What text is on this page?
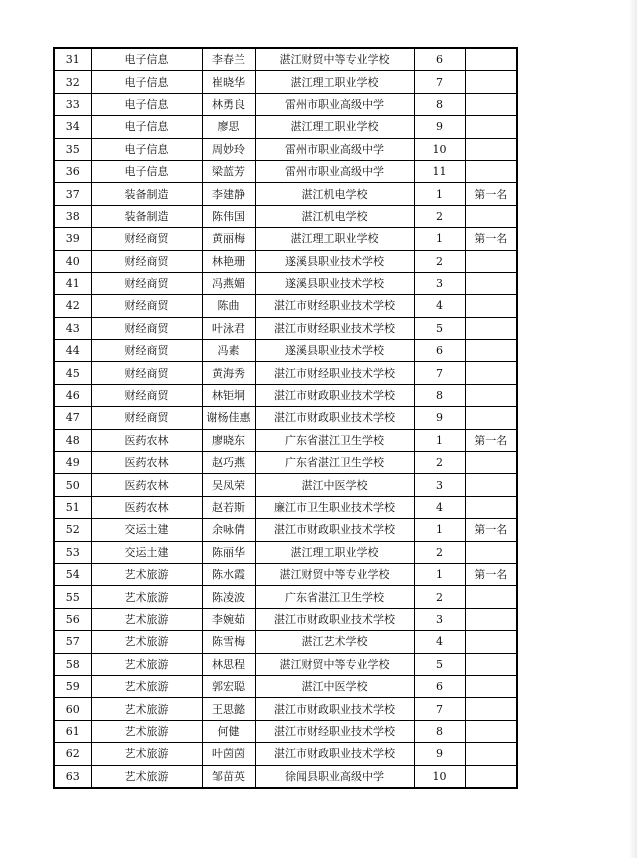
31	电子信息	李春兰	湛江财贸中等专业学校	6	
32	电子信息	崔晓华	湛江理工职业学校	7	
33	电子信息	林勇良	雷州市职业高级中学	8	
34	电子信息	廖思	湛江理工职业学校	9	
35	电子信息	周妙玲	雷州市职业高级中学	10	
36	电子信息	梁蓝芳	雷州市职业高级中学	11	
37	装备制造	李建静	湛江机电学校	1	第一名
38	装备制造	陈伟国	湛江机电学校	2	
39	财经商贸	黄丽梅	湛江理工职业学校	1	第一名
40	财经商贸	林艳珊	遂溪县职业技术学校	2	
41	财经商贸	冯燕媚	遂溪县职业技术学校	3	
42	财经商贸	陈曲	湛江市财经职业技术学校	4	
43	财经商贸	叶泳君	湛江市财经职业技术学校	5	
44	财经商贸	冯素	遂溪县职业技术学校	6	
45	财经商贸	黄海秀	湛江市财经职业技术学校	7	
46	财经商贸	林钜垌	湛江市财政职业技术学校	8	
47	财经商贸	谢杨佳惠	湛江市财政职业技术学校	9	
48	医药农林	廖晓东	广东省湛江卫生学校	1	第一名
49	医药农林	赵巧燕	广东省湛江卫生学校	2	
50	医药农林	吴凤荣	湛江中医学校	3	
51	医药农林	赵若斯	廉江市卫生职业技术学校	4	
52	交运土建	余咏倩	湛江市财政职业技术学校	1	第一名
53	交运土建	陈丽华	湛江理工职业学校	2	
54	艺术旅游	陈水霞	湛江财贸中等专业学校	1	第一名
55	艺术旅游	陈凌波	广东省湛江卫生学校	2	
56	艺术旅游	李婉茹	湛江市财政职业技术学校	3	
57	艺术旅游	陈雪梅	湛江艺术学校	4	
58	艺术旅游	林思程	湛江财贸中等专业学校	5	
59	艺术旅游	郭宏聪	湛江中医学校	6	
60	艺术旅游	王思懿	湛江市财政职业技术学校	7	
61	艺术旅游	何健	湛江市财经职业技术学校	8	
62	艺术旅游	叶茵茵	湛江市财政职业技术学校	9	
63	艺术旅游	邹苗英	徐闻县职业高级中学	10	
